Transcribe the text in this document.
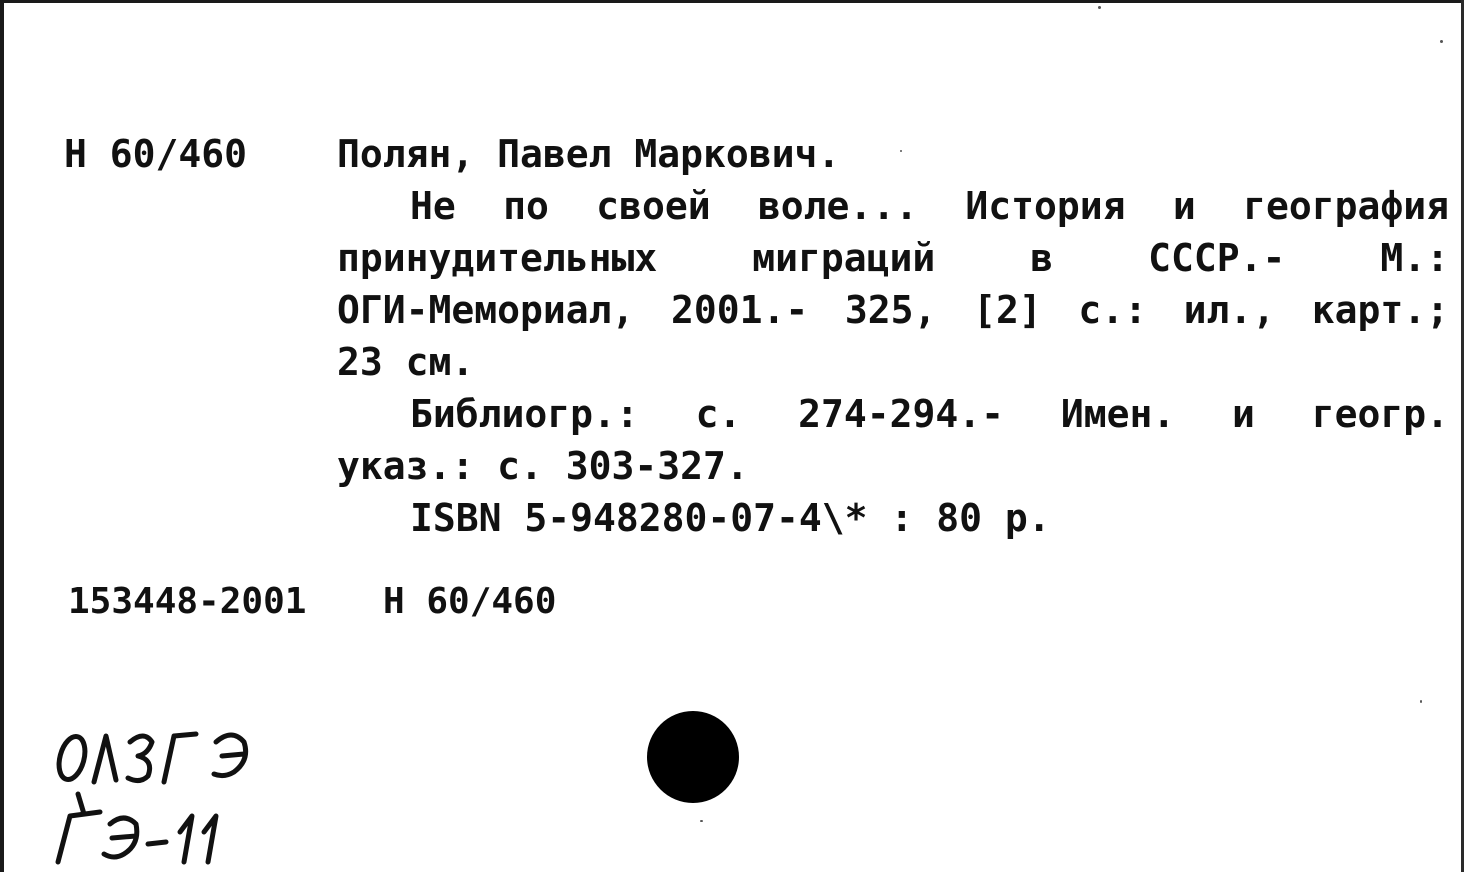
Н 60/460 Полян, Павел Маркович.
Не по своей воле... История и география
принудительных миграций в СССР.- М.:
ОГИ-Мемориал, 2001.- 325, [2] с.: ил., карт.;
23 см.
Библиогр.: с. 274-294.- Имен. и геогр.
указ.: с. 303-327.
ISBN 5-948280-07-4\* : 80 р.
153448-2001 Н 60/460
